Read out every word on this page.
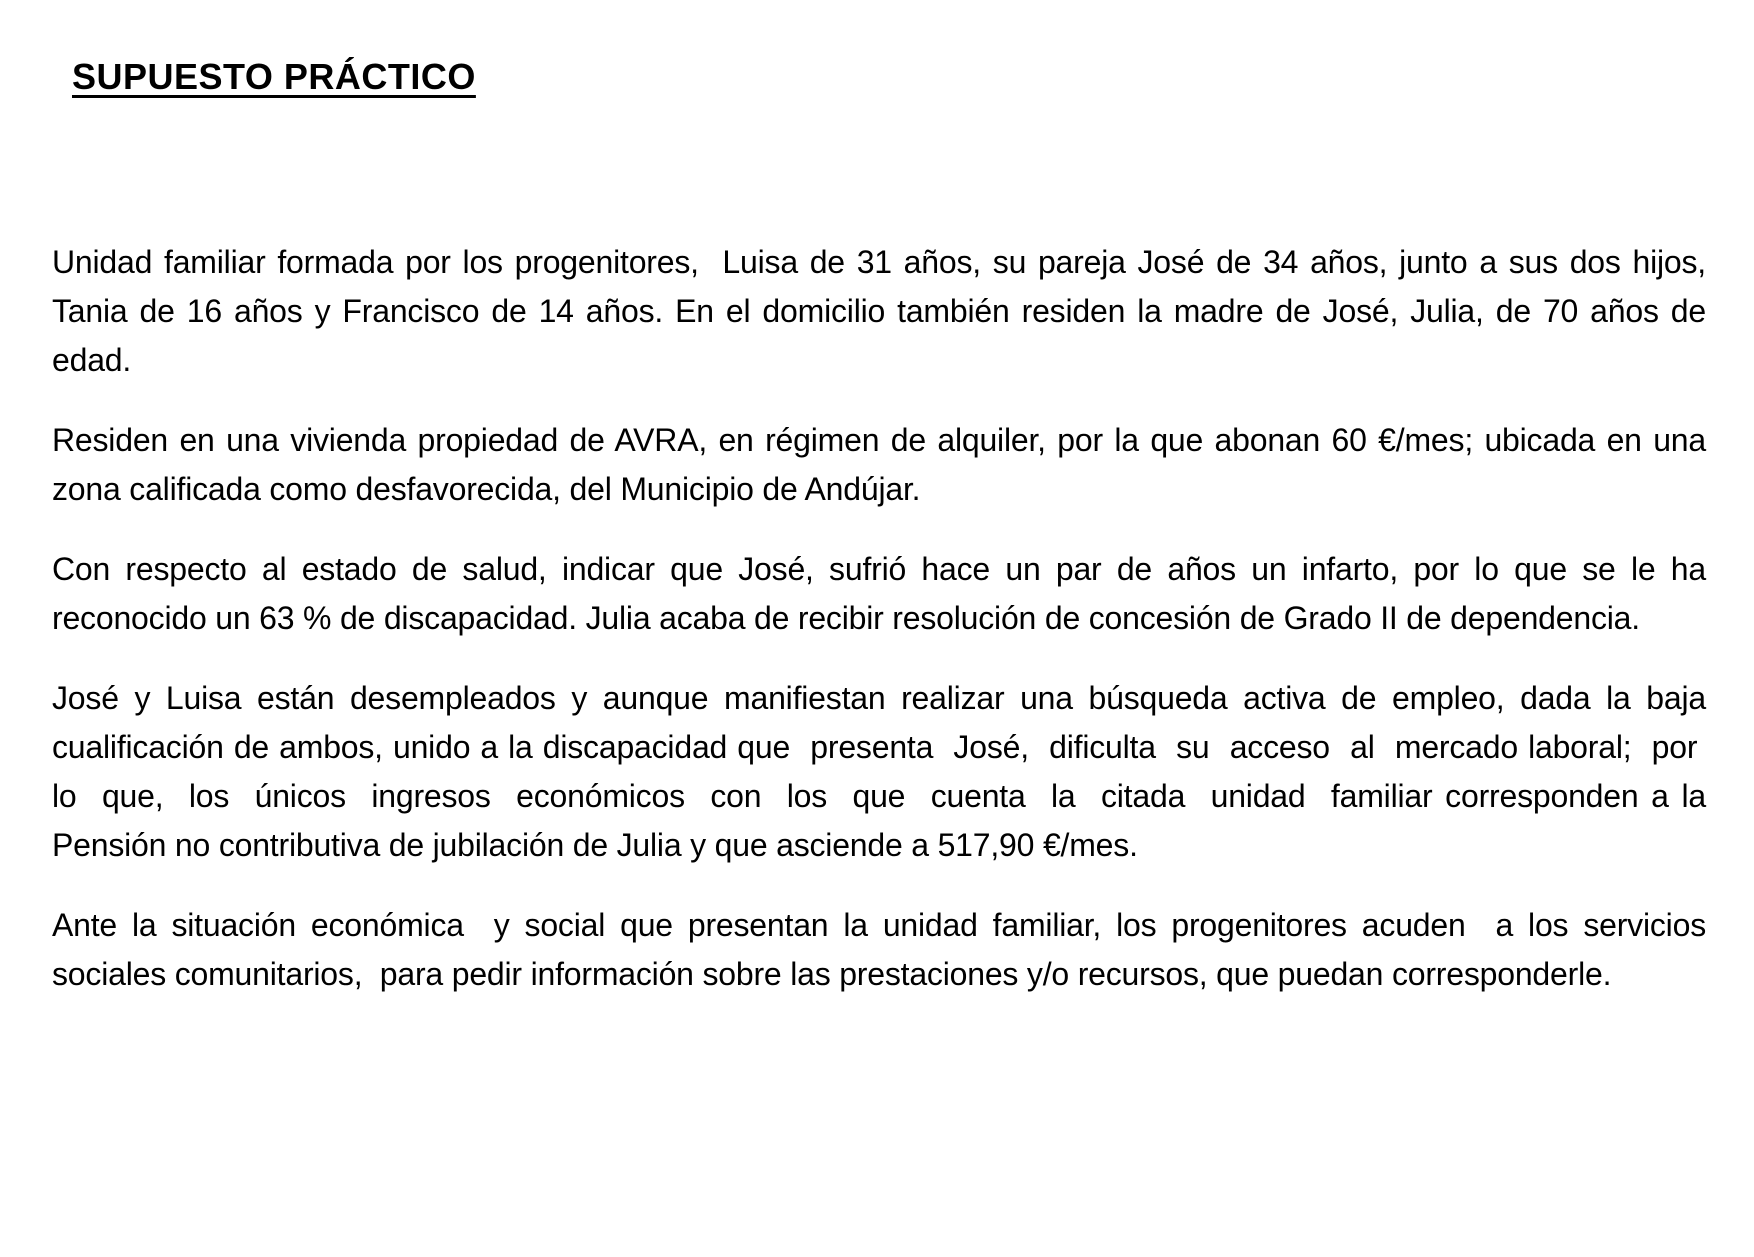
SUPUESTO PRÁCTICO

Unidad familiar formada por los progenitores,  Luisa de 31 años, su pareja José de 34 años, junto a sus dos hijos, Tania de 16 años y Francisco de 14 años. En el domicilio también residen la madre de José, Julia, de 70 años de edad.

Residen en una vivienda propiedad de AVRA, en régimen de alquiler, por la que abonan 60 €/mes; ubicada en una zona calificada como desfavorecida, del Municipio de Andújar.

Con respecto al estado de salud, indicar que José, sufrió hace un par de años un infarto, por lo que se le ha reconocido un 63 % de discapacidad. Julia acaba de recibir resolución de concesión de Grado II de dependencia.

José y Luisa están desempleados y aunque manifiestan realizar una búsqueda activa de empleo, dada la baja cualificación de ambos, unido a la discapacidad que  presenta  José,  dificulta  su  acceso  al  mercado laboral;  por  lo  que,  los  únicos  ingresos  económicos  con  los  que  cuenta  la  citada  unidad  familiar corresponden a la Pensión no contributiva de jubilación de Julia y que asciende a 517,90 €/mes.

Ante la situación económica  y social que presentan la unidad familiar, los progenitores acuden  a los servicios sociales comunitarios,  para pedir información sobre las prestaciones y/o recursos, que puedan corresponderle.
